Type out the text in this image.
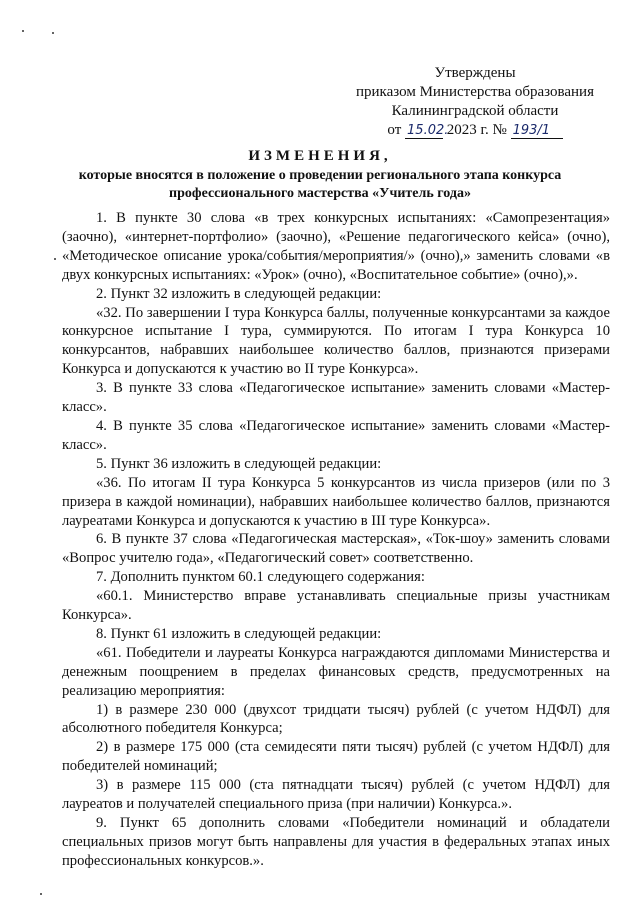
Утверждены
приказом Министерства образования
Калининградской области
от 15.02. 2023 г. № 193/1
ИЗМЕНЕНИЯ,
которые вносятся в положение о проведении регионального этапа конкурса профессионального мастерства «Учитель года»

1. В пункте 30 слова «в трех конкурсных испытаниях: «Самопрезентация» (заочно), «интернет-портфолио» (заочно), «Решение педагогического кейса» (очно), «Методическое описание урока/события/мероприятия/» (очно),» заменить словами «в двух конкурсных испытаниях: «Урок» (очно), «Воспитательное событие» (очно),».

2. Пункт 32 изложить в следующей редакции:

«32. По завершении I тура Конкурса баллы, полученные конкурсантами за каждое конкурсное испытание I тура, суммируются. По итогам I тура Конкурса 10 конкурсантов, набравших наибольшее количество баллов, признаются призерами Конкурса и допускаются к участию во II туре Конкурса».

3. В пункте 33 слова «Педагогическое испытание» заменить словами «Мастер-класс».

4. В пункте 35 слова «Педагогическое испытание» заменить словами «Мастер-класс».

5. Пункт 36 изложить в следующей редакции:

«36. По итогам II тура Конкурса 5 конкурсантов из числа призеров (или по 3 призера в каждой номинации), набравших наибольшее количество баллов, признаются лауреатами Конкурса и допускаются к участию в III туре Конкурса».

6. В пункте 37 слова «Педагогическая мастерская», «Ток-шоу» заменить словами «Вопрос учителю года», «Педагогический совет» соответственно.

7. Дополнить пунктом 60.1 следующего содержания:

«60.1. Министерство вправе устанавливать специальные призы участникам Конкурса».

8. Пункт 61 изложить в следующей редакции:

«61. Победители и лауреаты Конкурса награждаются дипломами Министерства и денежным поощрением в пределах финансовых средств, предусмотренных на реализацию мероприятия:

1) в размере 230 000 (двухсот тридцати тысяч) рублей (с учетом НДФЛ) для абсолютного победителя Конкурса;

2) в размере 175 000 (ста семидесяти пяти тысяч) рублей (с учетом НДФЛ) для победителей номинаций;

3) в размере 115 000 (ста пятнадцати тысяч) рублей (с учетом НДФЛ) для лауреатов и получателей специального приза (при наличии) Конкурса.».

9. Пункт 65 дополнить словами «Победители номинаций и обладатели специальных призов могут быть направлены для участия в федеральных этапах иных профессиональных конкурсов.».
